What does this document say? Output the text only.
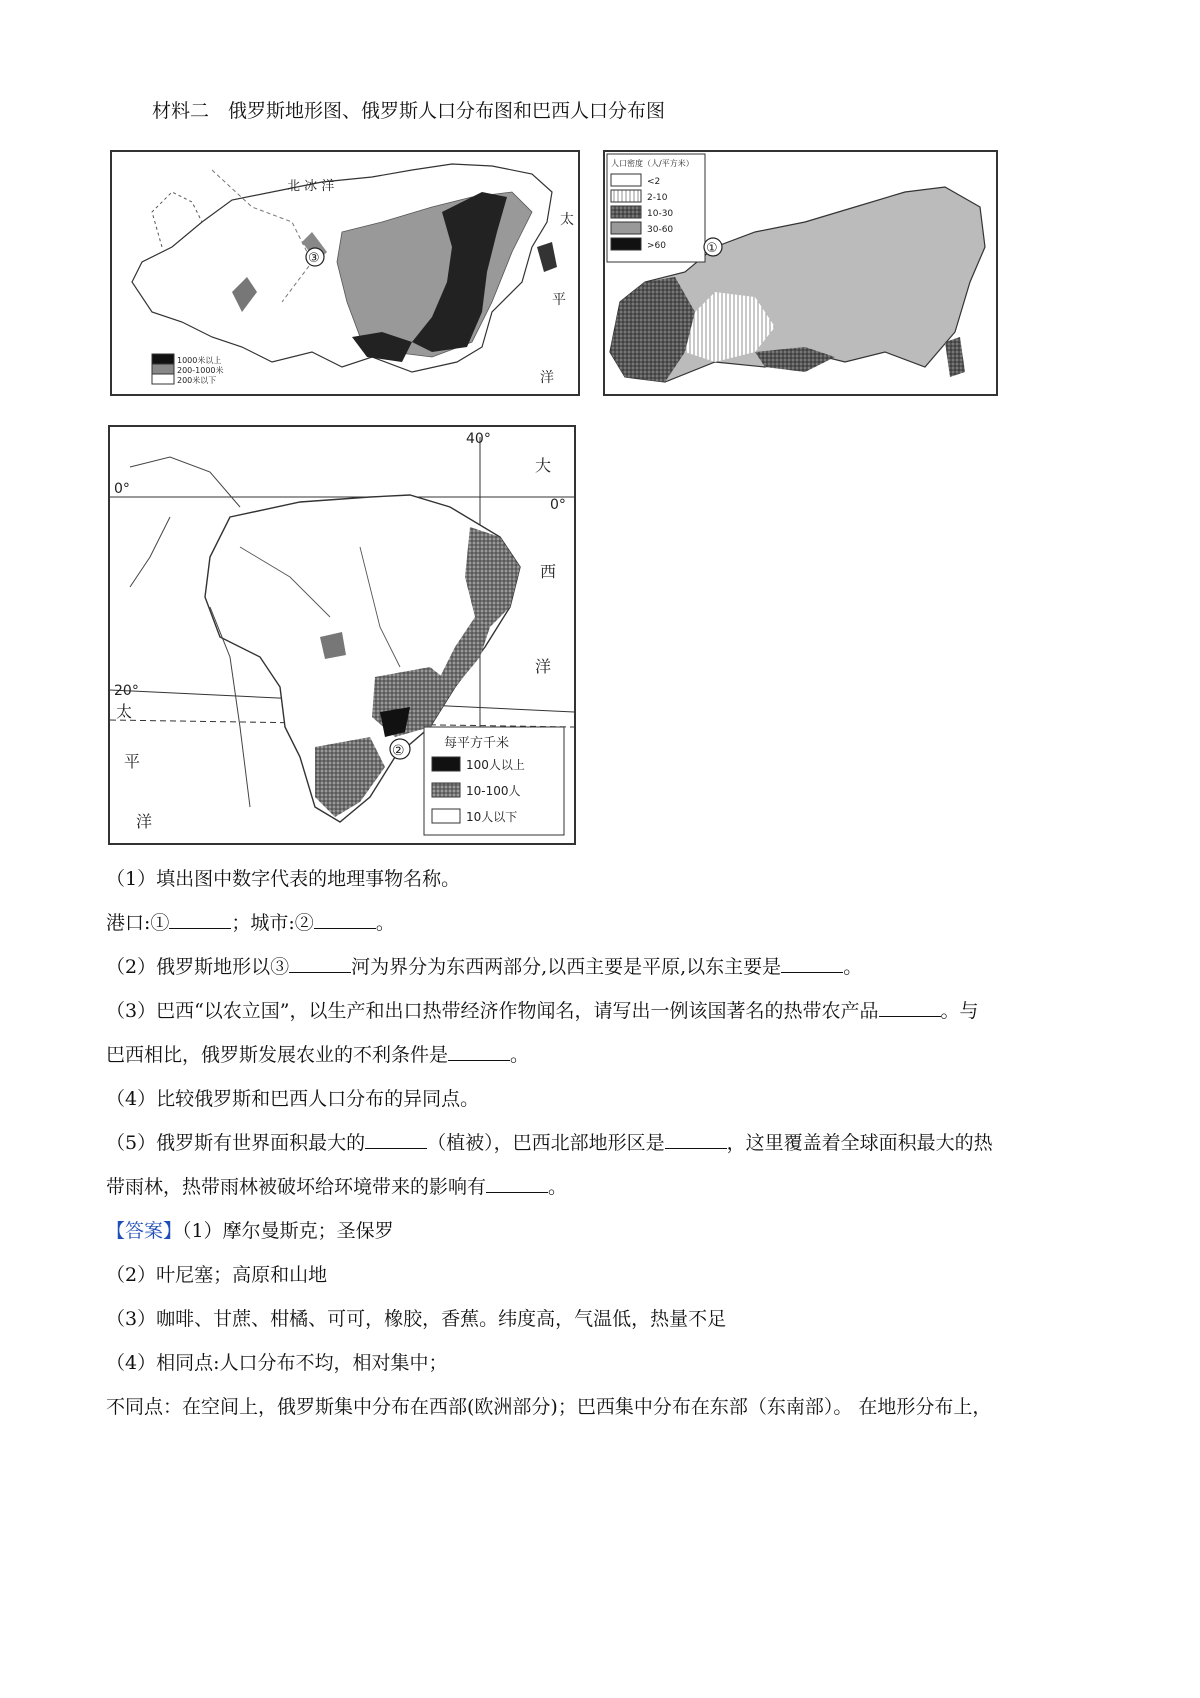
材料二　俄罗斯地形图、俄罗斯人口分布图和巴西人口分布图
③
北 冰 洋
太
平
洋
1000米以上
200-1000米
200米以下
人口密度（人/平方米）
<2
2-10
10-30
30-60
>60	①
40°
0°
0°
20°
大
西
洋
太
平
洋
②	每平方千米
100人以上
10-100人
10人以下
（1）填出图中数字代表的地理事物名称。
港口:①	；城市:②	。
（2）俄罗斯地形以③	河为界分为东西两部分,以西主要是平原,以东主要是	。
（3）巴西“以农立国”，以生产和出口热带经济作物闻名，请写出一例该国著名的热带农产品	。与
巴西相比，俄罗斯发展农业的不利条件是	。
（4）比较俄罗斯和巴西人口分布的异同点。
（5）俄罗斯有世界面积最大的	（植被），巴西北部地形区是	，这里覆盖着全球面积最大的热
带雨林，热带雨林被破坏给环境带来的影响有	。
【答案】（1）摩尔曼斯克；圣保罗
（2）叶尼塞；高原和山地
（3）咖啡、甘蔗、柑橘、可可，橡胶，香蕉。纬度高，气温低，热量不足
（4）相同点:人口分布不均，相对集中；
不同点：在空间上，俄罗斯集中分布在西部(欧洲部分)；巴西集中分布在东部（东南部）。 在地形分布上，
